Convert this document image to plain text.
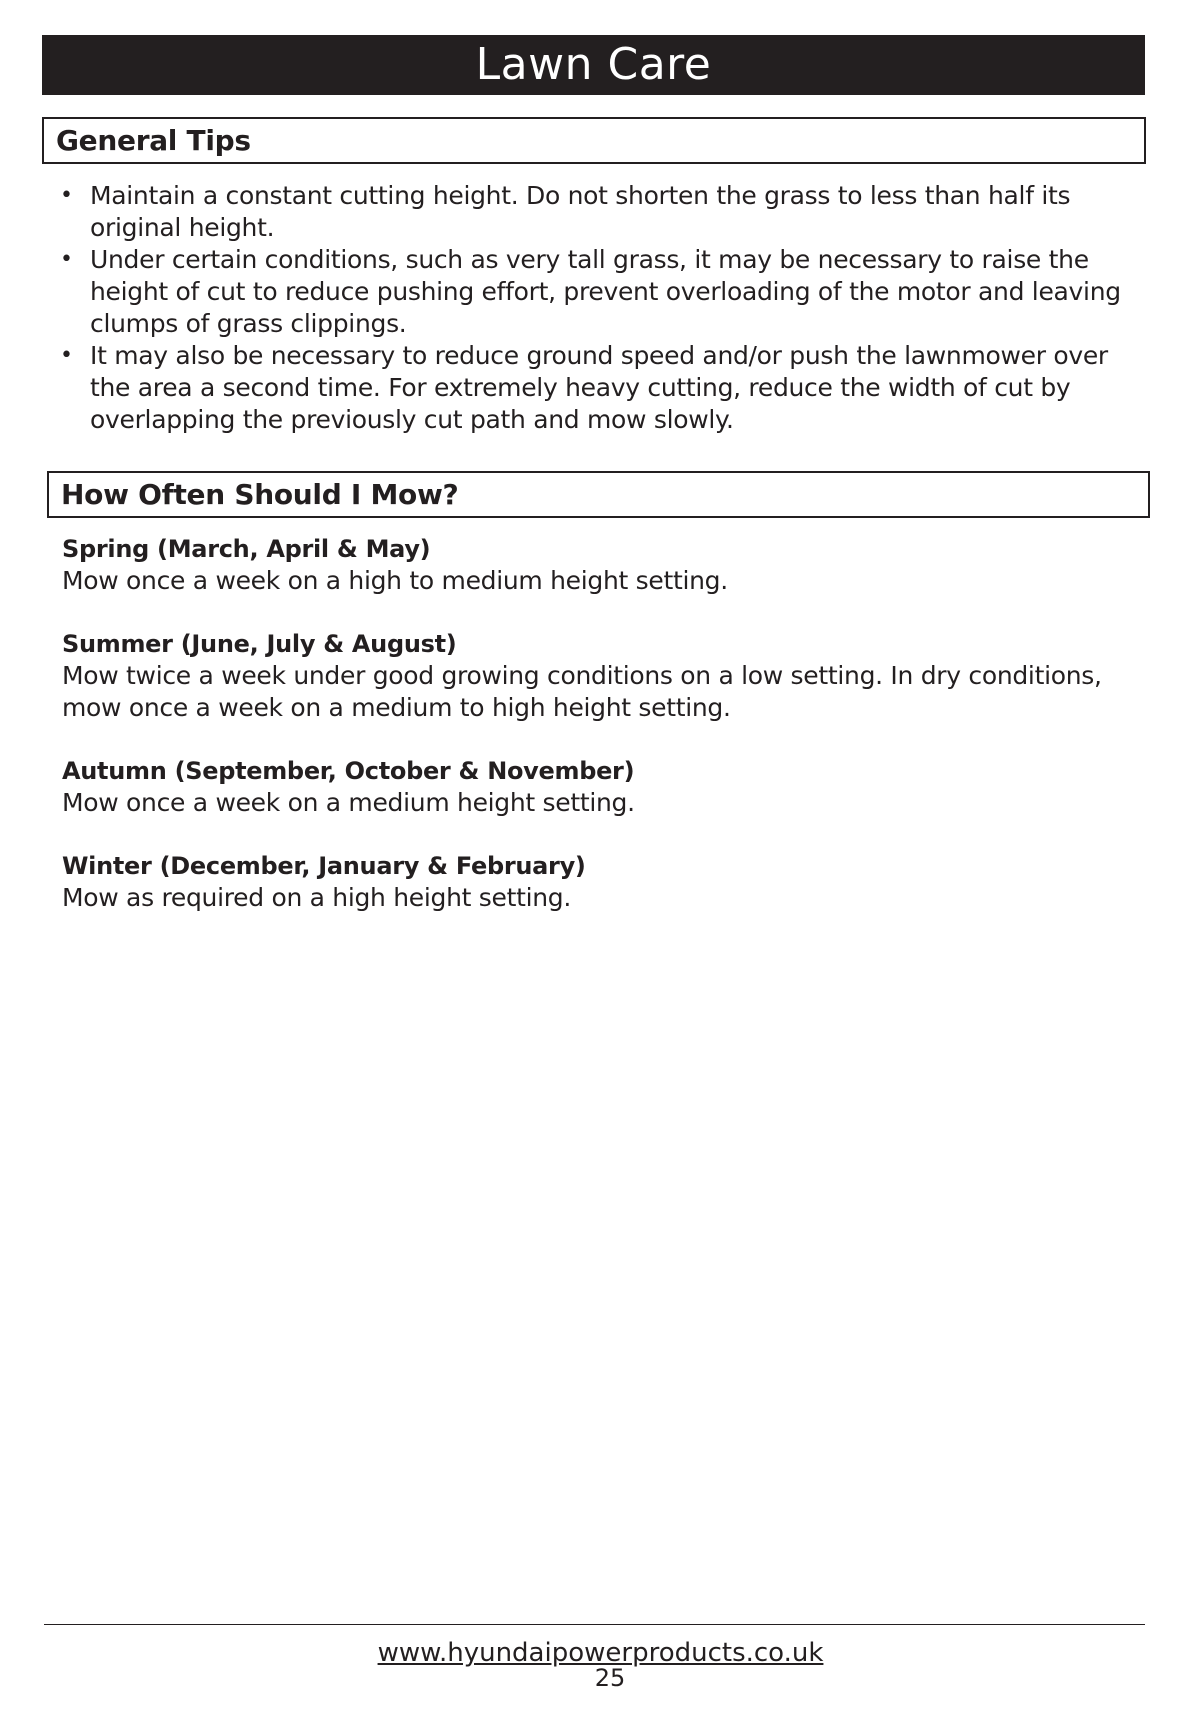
Lawn Care
General Tips
• Maintain a constant cutting height. Do not shorten the grass to less than half its original height.
• Under certain conditions, such as very tall grass, it may be necessary to raise the height of cut to reduce pushing effort, prevent overloading of the motor and leaving clumps of grass clippings.
• It may also be necessary to reduce ground speed and/or push the lawnmower over the area a second time. For extremely heavy cutting, reduce the width of cut by overlapping the previously cut path and mow slowly.
How Often Should I Mow?
Spring (March, April & May)
Mow once a week on a high to medium height setting.
Summer (June, July & August)
Mow twice a week under good growing conditions on a low setting. In dry conditions, mow once a week on a medium to high height setting.
Autumn (September, October & November)
Mow once a week on a medium height setting.
Winter (December, January & February)
Mow as required on a high height setting.
www.hyundaipowerproducts.co.uk
25
